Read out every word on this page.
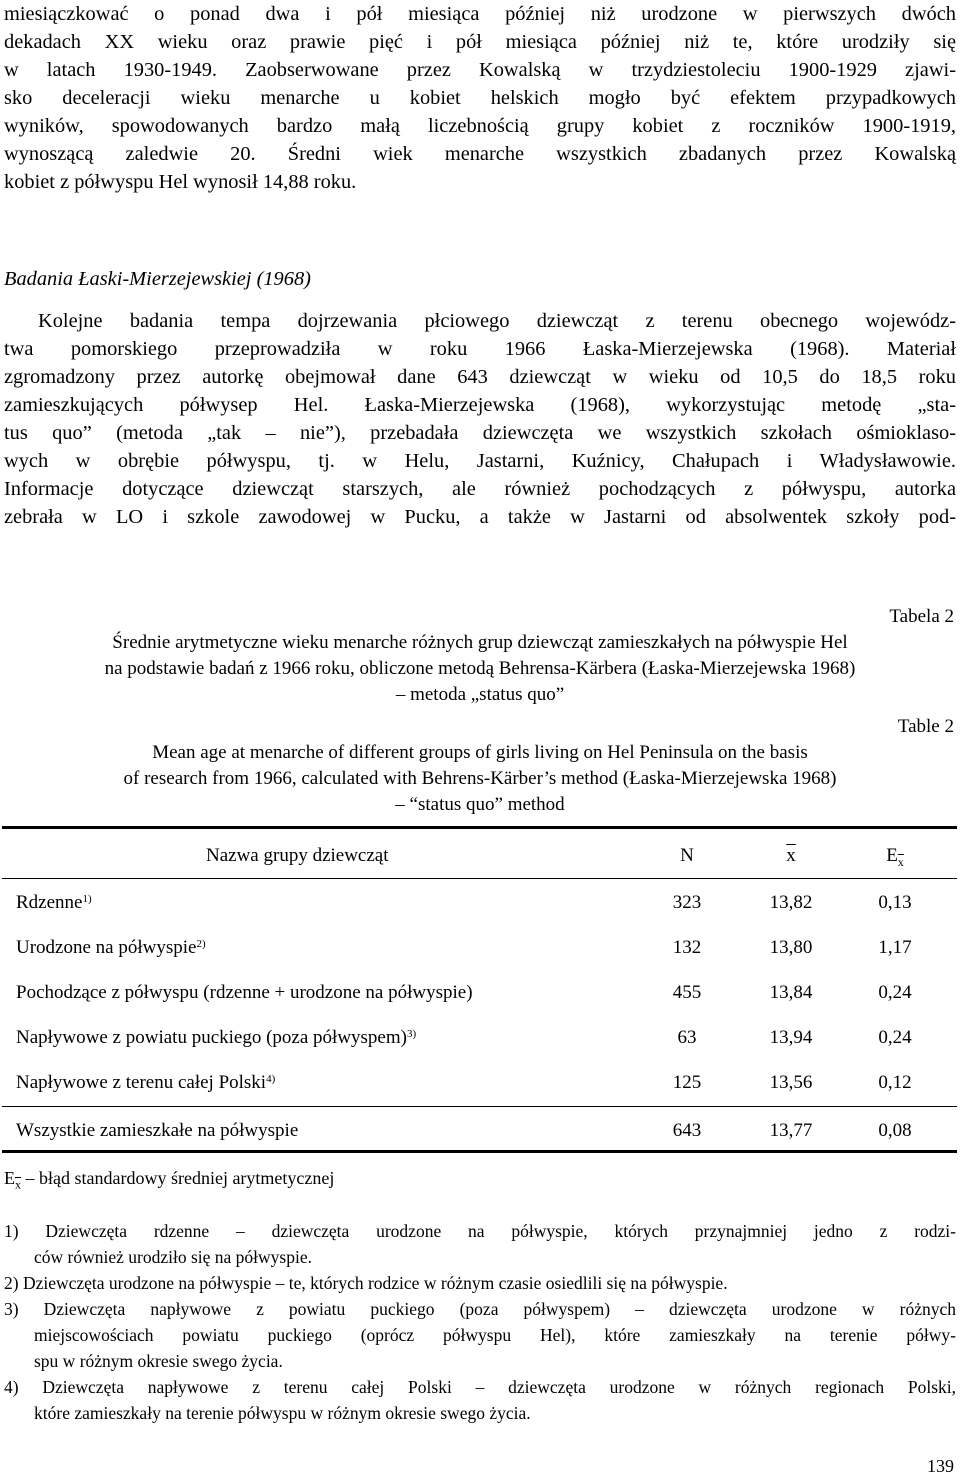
miesiączkować o ponad dwa i pół miesiąca później niż urodzone w pierwszych dwóch
dekadach XX wieku oraz prawie pięć i pół miesiąca później niż te, które urodziły się
w latach 1930-1949. Zaobserwowane przez Kowalską w trzydziestoleciu 1900-1929 zjawi-
sko deceleracji wieku menarche u kobiet helskich mogło być efektem przypadkowych
wyników, spowodowanych bardzo małą liczebnością grupy kobiet z roczników 1900-1919,
wynoszącą zaledwie 20. Średni wiek menarche wszystkich zbadanych przez Kowalską
kobiet z półwyspu Hel wynosił 14,88 roku.
Badania Łaski-Mierzejewskiej (1968)
Kolejne badania tempa dojrzewania płciowego dziewcząt z terenu obecnego wojewódz-
twa pomorskiego przeprowadziła w roku 1966 Łaska-Mierzejewska (1968). Materiał
zgromadzony przez autorkę obejmował dane 643 dziewcząt w wieku od 10,5 do 18,5 roku
zamieszkujących półwysep Hel. Łaska-Mierzejewska (1968), wykorzystując metodę „sta-
tus quo” (metoda „tak – nie”), przebadała dziewczęta we wszystkich szkołach ośmioklaso-
wych w obrębie półwyspu, tj. w Helu, Jastarni, Kuźnicy, Chałupach i Władysławowie.
Informacje dotyczące dziewcząt starszych, ale również pochodzących z półwyspu, autorka
zebrała w LO i szkole zawodowej w Pucku, a także w Jastarni od absolwentek szkoły pod-
Tabela 2
Średnie arytmetyczne wieku menarche różnych grup dziewcząt zamieszkałych na półwyspie Hel
na podstawie badań z 1966 roku, obliczone metodą Behrensa-Kärbera (Łaska-Mierzejewska 1968)
– metoda „status quo”
Table 2
Mean age at menarche of different groups of girls living on Hel Peninsula on the basis
of research from 1966, calculated with Behrens-Kärber’s method (Łaska-Mierzejewska 1968)
– “status quo” method
Nazwa grupy dziewcząt	N	$\overline{x}$	$E_{\overline{x}}$
Rdzenne$^{1)}$	323	13,82	0,13
Urodzone na półwyspie$^{2)}$	132	13,80	1,17
Pochodzące z półwyspu (rdzenne + urodzone na półwyspie)	455	13,84	0,24
Napływowe z powiatu puckiego (poza półwyspem)$^{3)}$	63	13,94	0,24
Napływowe z terenu całej Polski$^{4)}$	125	13,56	0,12
Wszystkie zamieszkałe na półwyspie	643	13,77	0,08
$E_{\overline{x}}$ – błąd standardowy średniej arytmetycznej
1) Dziewczęta rdzenne – dziewczęta urodzone na półwyspie, których przynajmniej jedno z rodzi-
ców również urodziło się na półwyspie.
2) Dziewczęta urodzone na półwyspie – te, których rodzice w różnym czasie osiedlili się na półwyspie.
3) Dziewczęta napływowe z powiatu puckiego (poza półwyspem) – dziewczęta urodzone w różnych
miejscowościach powiatu puckiego (oprócz półwyspu Hel), które zamieszkały na terenie półwy-
spu w różnym okresie swego życia.
4) Dziewczęta napływowe z terenu całej Polski – dziewczęta urodzone w różnych regionach Polski,
które zamieszkały na terenie półwyspu w różnym okresie swego życia.
139
